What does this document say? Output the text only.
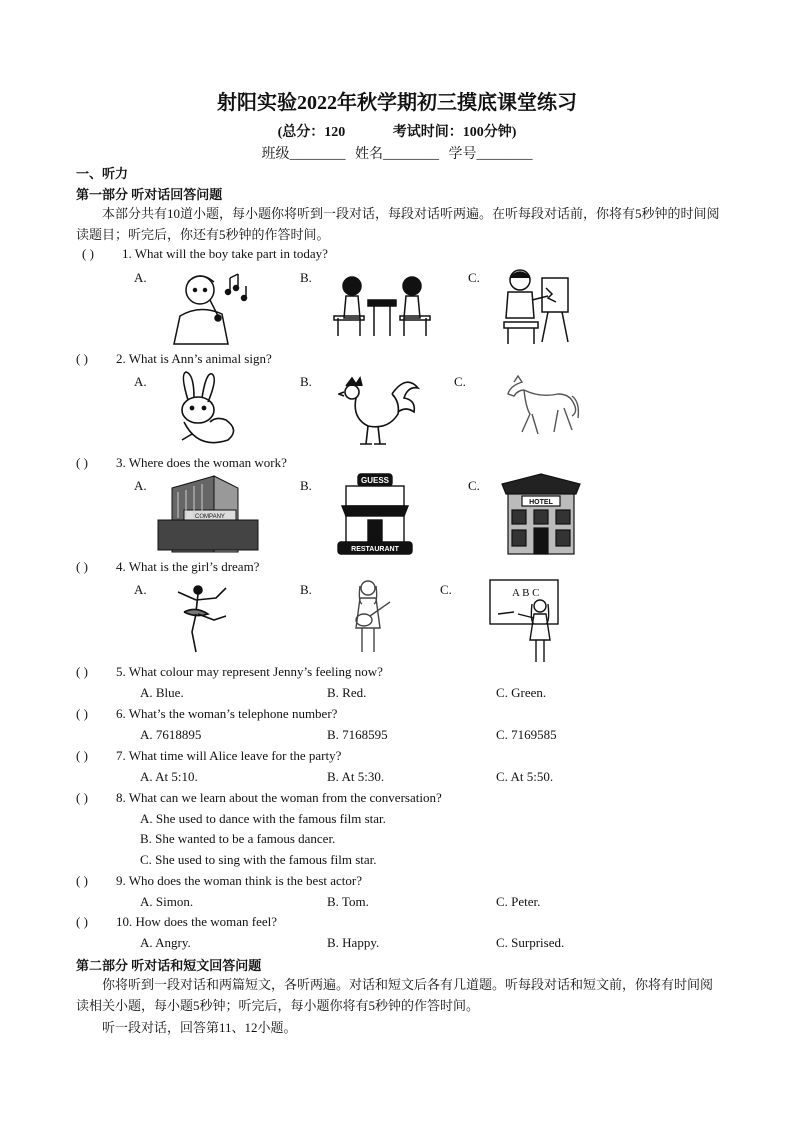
射阳实验2022年秋学期初三摸底课堂练习
(总分：120	考试时间：100分钟)
班级________ 姓名________ 学号________
一、听力
第一部分 听对话回答问题
本部分共有10道小题，每小题你将听到一段对话，每段对话听两遍。在听每段对话前，你将有5秒钟的时间阅读题目；听完后，你还有5秒钟的作答时间。
( ) 1. What will the boy take part in today?
A.	B.	C.
( ) 2. What is Ann’s animal sign?
A.	B.	C.
( ) 3. Where does the woman work?
A.	B.	C.
COMPANY
GUESS
RESTAURANT
HOTEL
( ) 4. What is the girl’s dream?
A.	B.	C.	A B C
( ) 5. What colour may represent Jenny’s feeling now?
A. Blue.	B. Red.	C. Green.
( ) 6. What’s the woman’s telephone number?
A. 7618895	B. 7168595	C. 7169585
( ) 7. What time will Alice leave for the party?
A. At 5:10.	B. At 5:30.	C. At 5:50.
( ) 8. What can we learn about the woman from the conversation?
A. She used to dance with the famous film star.
B. She wanted to be a famous dancer.
C. She used to sing with the famous film star.
( ) 9. Who does the woman think is the best actor?
A. Simon.	B. Tom.	C. Peter.
( ) 10. How does the woman feel?
A. Angry.	B. Happy.	C. Surprised.
第二部分 听对话和短文回答问题
你将听到一段对话和两篇短文，各听两遍。对话和短文后各有几道题。听每段对话和短文前，你将有时间阅读相关小题，每小题5秒钟；听完后，每小题你将有5秒钟的作答时间。
听一段对话，回答第11、12小题。
